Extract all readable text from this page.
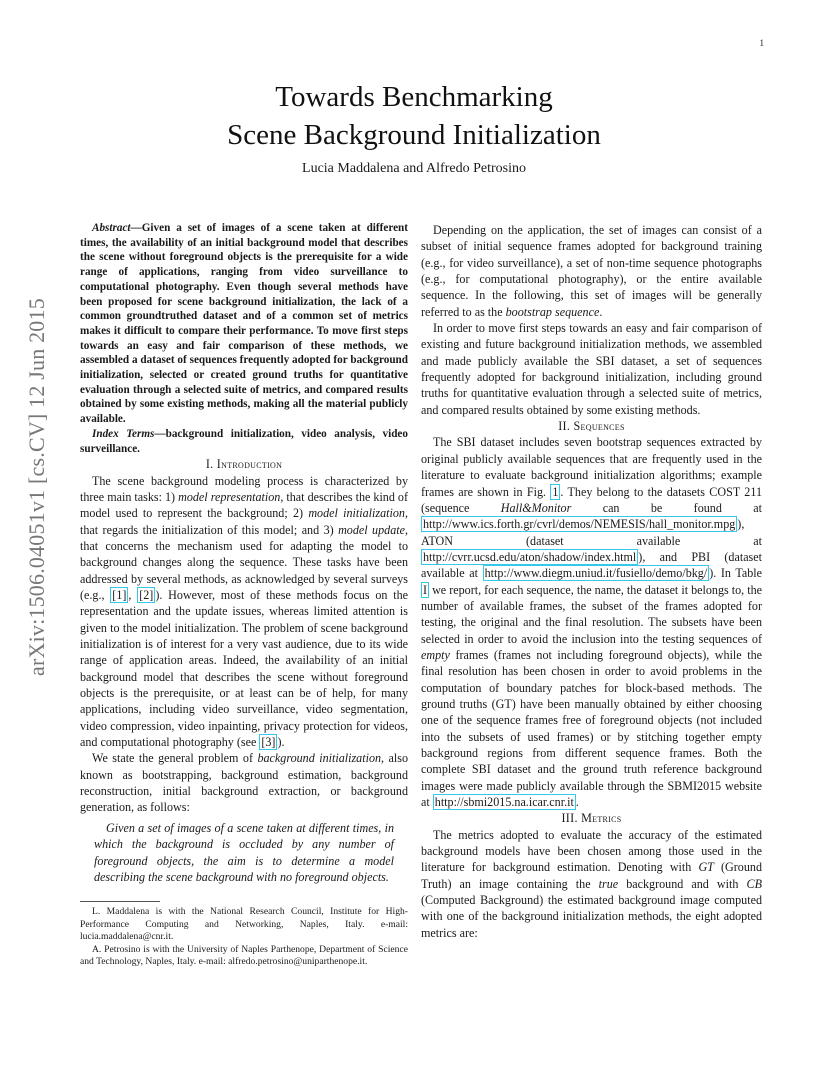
1
arXiv:1506.04051v1 [cs.CV] 12 Jun 2015
Towards Benchmarking
Scene Background Initialization
Lucia Maddalena and Alfredo Petrosino

Abstract—Given a set of images of a scene taken at different times, the availability of an initial background model that describes the scene without foreground objects is the prerequisite for a wide range of applications, ranging from video surveillance to computational photography. Even though several methods have been proposed for scene background initialization, the lack of a common groundtruthed dataset and of a common set of metrics makes it difficult to compare their performance. To move first steps towards an easy and fair comparison of these methods, we assembled a dataset of sequences frequently adopted for background initialization, selected or created ground truths for quantitative evaluation through a selected suite of metrics, and compared results obtained by some existing methods, making all the material publicly available.

Index Terms—background initialization, video analysis, video surveillance.

I. Introduction

The scene background modeling process is characterized by three main tasks: 1) model representation, that describes the kind of model used to represent the background; 2) model initialization, that regards the initialization of this model; and 3) model update, that concerns the mechanism used for adapting the model to background changes along the sequence. These tasks have been addressed by several methods, as acknowledged by several surveys (e.g., [1] , [2] ). However, most of these methods focus on the representation and the update issues, whereas limited attention is given to the model initialization. The problem of scene background initialization is of interest for a very vast audience, due to its wide range of application areas. Indeed, the availability of an initial background model that describes the scene without foreground objects is the prerequisite, or at least can be of help, for many applications, including video surveillance, video segmentation, video compression, video inpainting, privacy protection for videos, and computational photography (see [3] ).

We state the general problem of background initialization, also known as bootstrapping, background estimation, background reconstruction, initial background extraction, or background generation, as follows:

Given a set of images of a scene taken at different times, in which the background is occluded by any number of foreground objects, the aim is to determine a model describing the scene background with no foreground objects.

L. Maddalena is with the National Research Council, Institute for High-Performance Computing and Networking, Naples, Italy. e-mail: lucia.maddalena@cnr.it.

A. Petrosino is with the University of Naples Parthenope, Department of Science and Technology, Naples, Italy. e-mail: alfredo.petrosino@uniparthenope.it.

Depending on the application, the set of images can consist of a subset of initial sequence frames adopted for background training (e.g., for video surveillance), a set of non-time sequence photographs (e.g., for computational photography), or the entire available sequence. In the following, this set of images will be generally referred to as the bootstrap sequence.

In order to move first steps towards an easy and fair comparison of existing and future background initialization methods, we assembled and made publicly available the SBI dataset, a set of sequences frequently adopted for background initialization, including ground truths for quantitative evaluation through a selected suite of metrics, and compared results obtained by some existing methods.

II. Sequences

The SBI dataset includes seven bootstrap sequences extracted by original publicly available sequences that are frequently used in the literature to evaluate background initialization algorithms; example frames are shown in Fig. 1 . They belong to the datasets COST 211 (sequence Hall&Monitor can be found at http://www.ics.forth.gr/cvrl/demos/NEMESIS/hall_monitor.mpg ), ATON (dataset available at http://cvrr.ucsd.edu/aton/shadow/index.html ), and PBI (dataset available at http://www.diegm.uniud.it/fusiello/demo/bkg/ ). In Table I we report, for each sequence, the name, the dataset it belongs to, the number of available frames, the subset of the frames adopted for testing, the original and the final resolution. The subsets have been selected in order to avoid the inclusion into the testing sequences of empty frames (frames not including foreground objects), while the final resolution has been chosen in order to avoid problems in the computation of boundary patches for block-based methods. The ground truths (GT) have been manually obtained by either choosing one of the sequence frames free of foreground objects (not included into the subsets of used frames) or by stitching together empty background regions from different sequence frames. Both the complete SBI dataset and the ground truth reference background images were made publicly available through the SBMI2015 website at http://sbmi2015.na.icar.cnr.it .

III. Metrics

The metrics adopted to evaluate the accuracy of the estimated background models have been chosen among those used in the literature for background estimation. Denoting with GT (Ground Truth) an image containing the true background and with CB (Computed Background) the estimated background image computed with one of the background initialization methods, the eight adopted metrics are:
